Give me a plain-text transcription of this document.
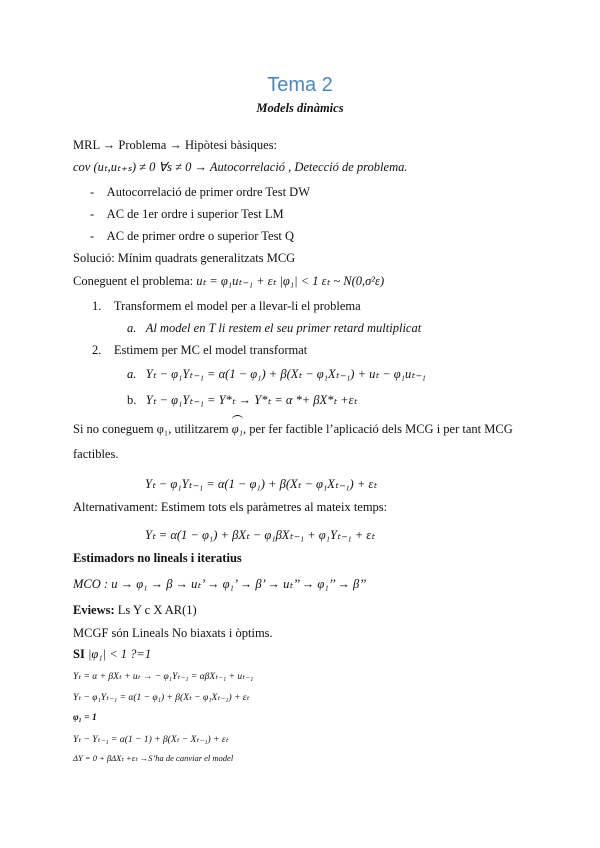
Tema 2
Models dinàmics
MRL → Problema → Hipòtesi bàsiques:
cov (uₜ,uₜ₊ₛ) ≠ 0 ∀s ≠ 0 → Autocorrelació , Detecció de problema.
-    Autocorrelació de primer ordre Test DW
-    AC de 1er ordre i superior Test LM
-    AC de primer ordre o superior Test Q
Solució: Mínim quadrats generalitzats MCG
Coneguent el problema: uₜ = φ₁uₜ₋₁ + εₜ |φ₁| < 1 εₜ ~ N(0,σ²ε)
1. Transformem el model per a llevar-li el problema
a. Al model en T li restem el seu primer retard multiplicat
2. Estimem per MC el model transformat
a. Yₜ − φ₁Yₜ₋₁ = α(1 − φ₁) + β(Xₜ − φ₁Xₜ₋₁) + uₜ − φ₁uₜ₋₁
b. Yₜ − φ₁Yₜ₋₁ = Y*ₜ → Y*ₜ = α *+ βX*ₜ +εₜ
Si no coneguem φ₁, utilitzarem φ₁, per fer factible l’aplicació dels MCG i per tant MCG
factibles.
Yₜ − φ₁Yₜ₋₁ = α(1 − φ₁) + β(Xₜ − φ₁Xₜ₋₁) + εₜ
Alternativament: Estimem tots els paràmetres al mateix temps:
Yₜ = α(1 − φ₁) + βXₜ − φ₁βXₜ₋₁ + φ₁Yₜ₋₁ + εₜ
Estimadors no lineals i iteratius
MCO : u → φ₁ → β → uₜ’ → φ₁’ → β’ → uₜ’’ → φ₁’’ → β’’
Eviews: Ls Y c X AR(1)
MCGF són Lineals No biaxats i òptims.
SI |φ₁| < 1 ?=1
Yₜ = α + βXₜ + uₜ → − φ₁Yₜ₋₁ = αβXₜ₋₁ + uₜ₋₁
Yₜ − φ₁Yₜ₋₁ = α(1 − φ₁) + β(Xₜ − φ₁Xₜ₋₁) + εₜ
φ₁ = 1
Yₜ − Yₜ₋₁ = α(1 − 1) + β(Xₜ − Xₜ₋₁) + εₜ
ΔY = 0 + βΔXₜ +εₜ →S’ha de canviar el model
